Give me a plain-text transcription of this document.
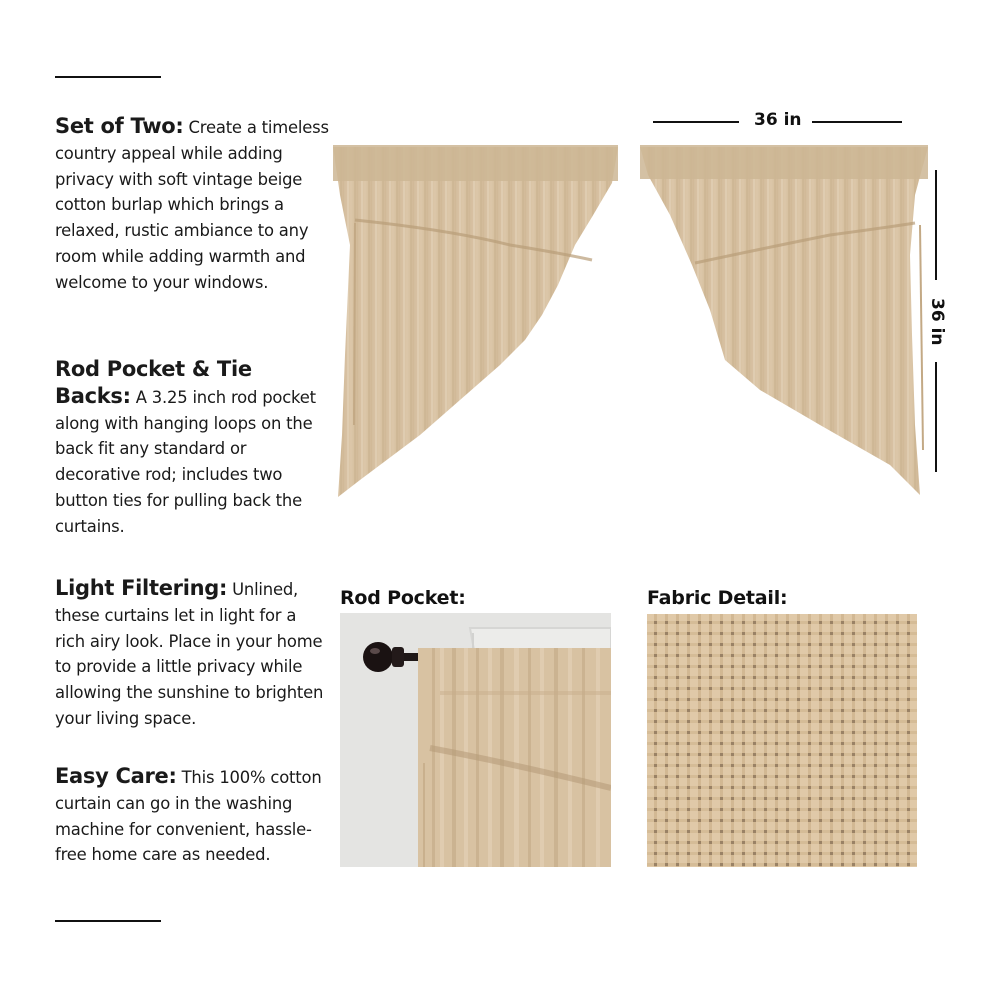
Set of Two: Create a timeless country appeal while adding privacy with soft vintage beige cotton burlap which brings a relaxed, rustic ambiance to any room while adding warmth and welcome to your windows.
Rod Pocket & Tie Backs: A 3.25 inch rod pocket along with hanging loops on the back fit any standard or decorative rod; includes two button ties for pulling back the curtains.
Light Filtering: Unlined, these curtains let in light for a rich airy look. Place in your home to provide a little privacy while allowing the sunshine to brighten your living space.
Easy Care: This 100% cotton curtain can go in the washing machine for convenient, hassle-free home care as needed.
36 in
36 in
Rod Pocket:	Fabric Detail:
